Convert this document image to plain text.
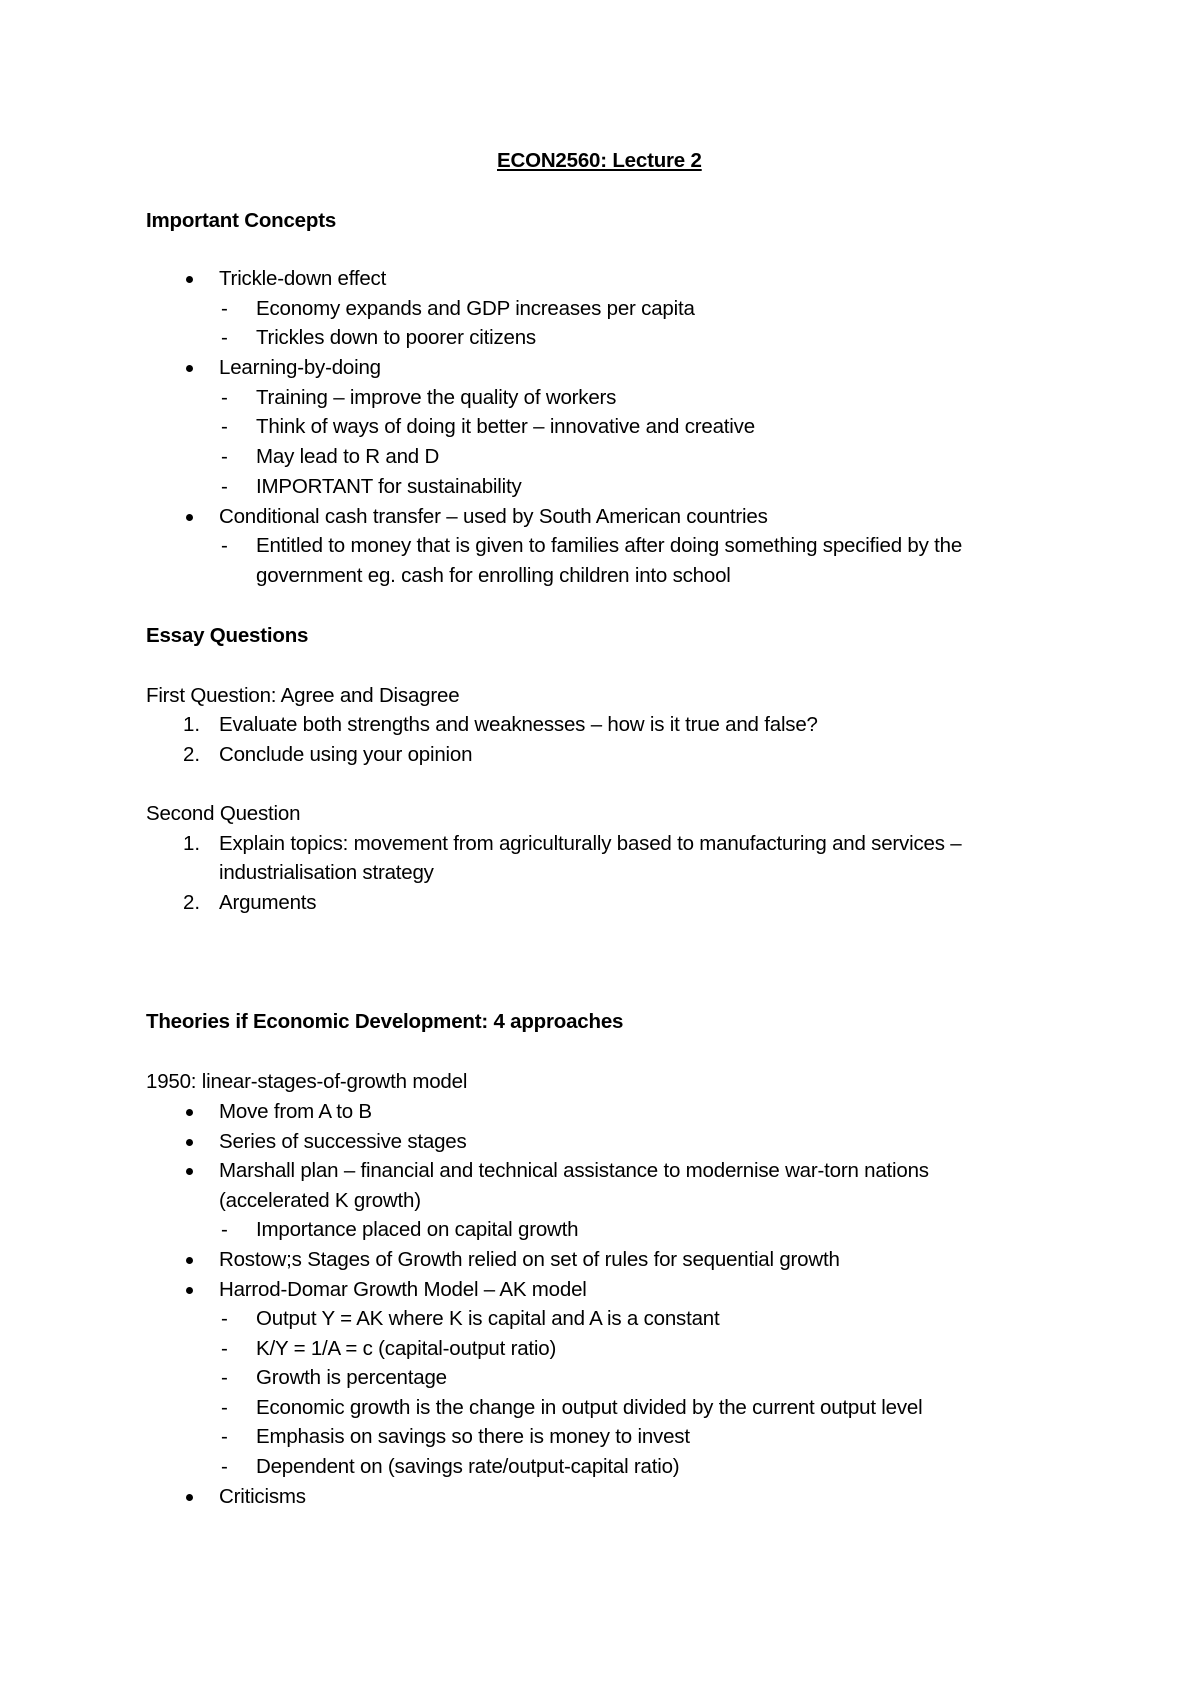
ECON2560: Lecture 2
Important Concepts
Trickle-down effect
- Economy expands and GDP increases per capita
- Trickles down to poorer citizens
Learning-by-doing
- Training – improve the quality of workers
- Think of ways of doing it better – innovative and creative
- May lead to R and D
- IMPORTANT for sustainability
Conditional cash transfer – used by South American countries
- Entitled to money that is given to families after doing something specified by the
government eg. cash for enrolling children into school
Essay Questions
First Question: Agree and Disagree
1. Evaluate both strengths and weaknesses – how is it true and false?
2. Conclude using your opinion
Second Question
1. Explain topics: movement from agriculturally based to manufacturing and services –
industrialisation strategy
2. Arguments
Theories if Economic Development: 4 approaches
1950: linear-stages-of-growth model
Move from A to B
Series of successive stages
Marshall plan – financial and technical assistance to modernise war-torn nations
(accelerated K growth)
- Importance placed on capital growth
Rostow;s Stages of Growth relied on set of rules for sequential growth
Harrod-Domar Growth Model – AK model
- Output Y = AK where K is capital and A is a constant
- K/Y = 1/A = c (capital-output ratio)
- Growth is percentage
- Economic growth is the change in output divided by the current output level
- Emphasis on savings so there is money to invest
- Dependent on (savings rate/output-capital ratio)
Criticisms
